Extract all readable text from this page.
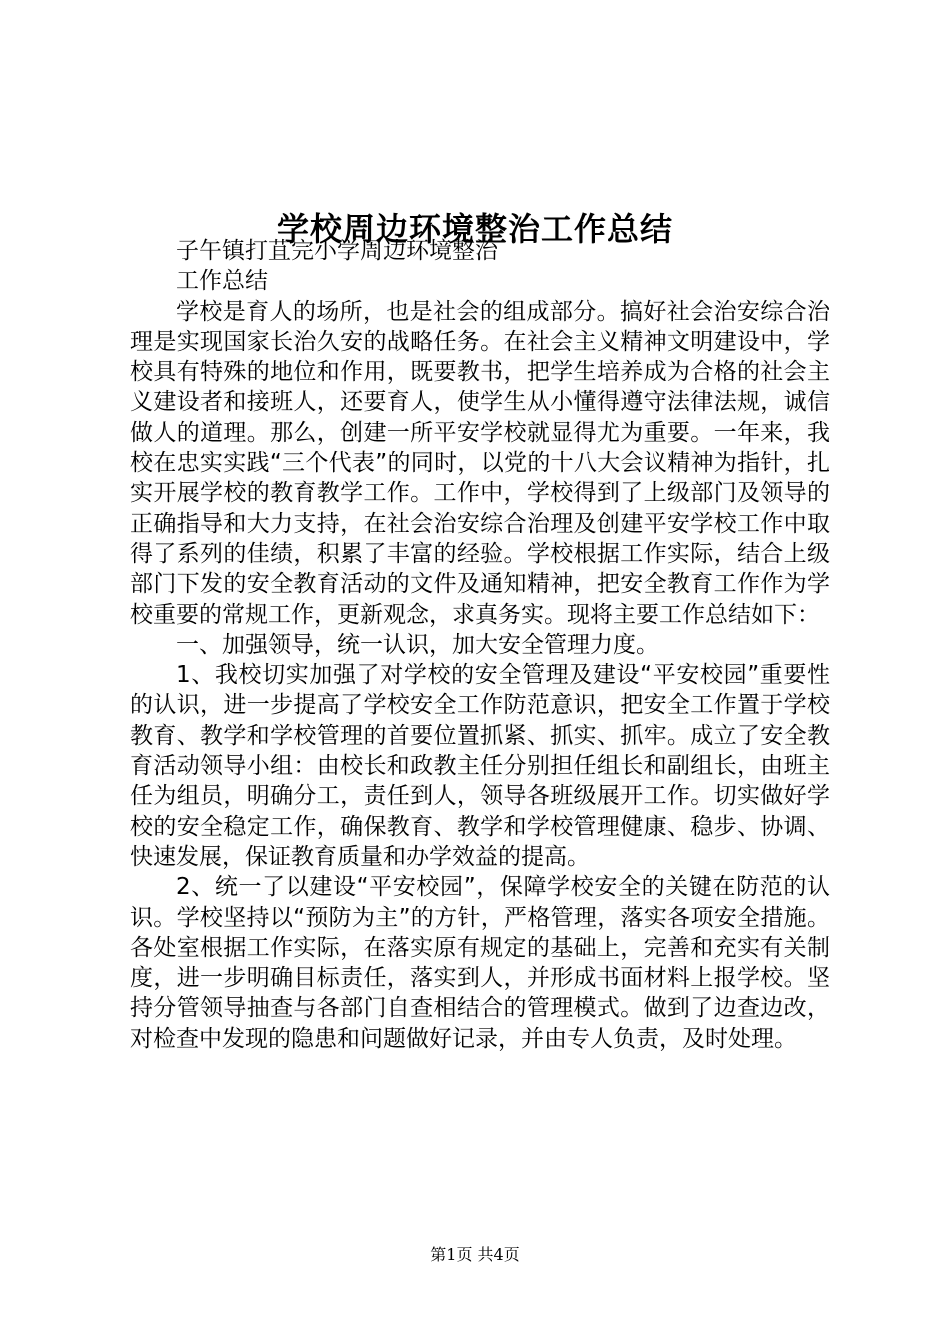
学校周边环境整治工作总结

子午镇打苴完小学周边环境整治

工作总结

学校是育人的场所，也是社会的组成部分。搞好社会治安综合治理是实现国家长治久安的战略任务。在社会主义精神文明建设中，学校具有特殊的地位和作用，既要教书，把学生培养成为合格的社会主义建设者和接班人，还要育人，使学生从小懂得遵守法律法规，诚信做人的道理。那么，创建一所平安学校就显得尤为重要。一年来，我校在忠实实践“三个代表”的同时，以党的十八大会议精神为指针，扎实开展学校的教育教学工作。工作中，学校得到了上级部门及领导的正确指导和大力支持，在社会治安综合治理及创建平安学校工作中取得了系列的佳绩，积累了丰富的经验。学校根据工作实际，结合上级部门下发的安全教育活动的文件及通知精神，把安全教育工作作为学校重要的常规工作，更新观念，求真务实。现将主要工作总结如下：

一、加强领导，统一认识，加大安全管理力度。

1、我校切实加强了对学校的安全管理及建设“平安校园”重要性的认识，进一步提高了学校安全工作防范意识，把安全工作置于学校教育、教学和学校管理的首要位置抓紧、抓实、抓牢。成立了安全教育活动领导小组：由校长和政教主任分别担任组长和副组长，由班主任为组员，明确分工，责任到人，领导各班级展开工作。切实做好学校的安全稳定工作，确保教育、教学和学校管理健康、稳步、协调、快速发展，保证教育质量和办学效益的提高。

2、统一了以建设“平安校园”，保障学校安全的关键在防范的认识。学校坚持以“预防为主”的方针，严格管理，落实各项安全措施。各处室根据工作实际，在落实原有规定的基础上，完善和充实有关制度，进一步明确目标责任，落实到人，并形成书面材料上报学校。坚持分管领导抽查与各部门自查相结合的管理模式。做到了边查边改，对检查中发现的隐患和问题做好记录，并由专人负责，及时处理。

第1页 共4页
